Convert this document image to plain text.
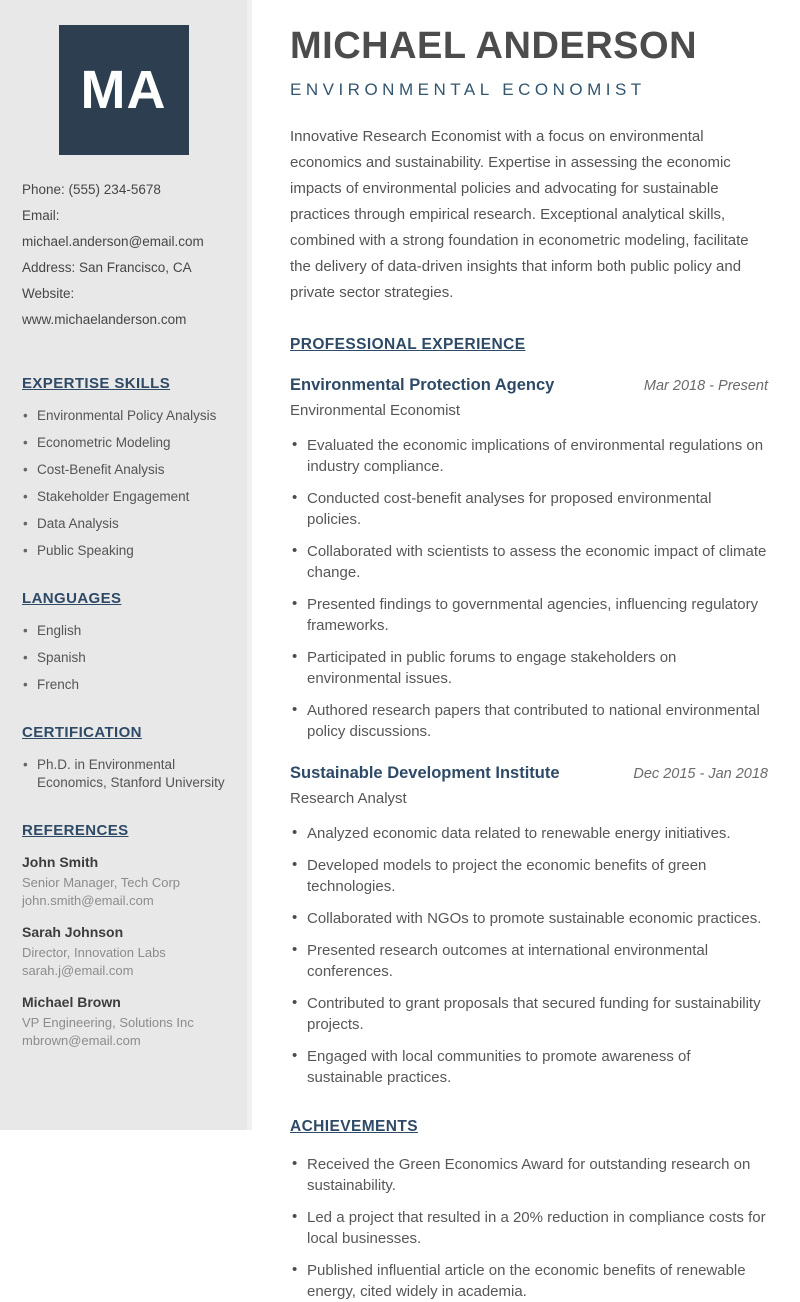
MA

Phone: (555) 234-5678

Email: michael.anderson@email.com

Address: San Francisco, CA

Website: www.michaelanderson.com

EXPERTISE SKILLS
• Environmental Policy Analysis
• Econometric Modeling
• Cost-Benefit Analysis
• Stakeholder Engagement
• Data Analysis
• Public Speaking
LANGUAGES
• English
• Spanish
• French
CERTIFICATION
• Ph.D. in Environmental Economics, Stanford University
REFERENCES
John Smith
Senior Manager, Tech Corp
john.smith@email.com
Sarah Johnson
Director, Innovation Labs
sarah.j@email.com
Michael Brown
VP Engineering, Solutions Inc
mbrown@email.com
MICHAEL ANDERSON
ENVIRONMENTAL ECONOMIST

Innovative Research Economist with a focus on environmental economics and sustainability. Expertise in assessing the economic impacts of environmental policies and advocating for sustainable practices through empirical research. Exceptional analytical skills, combined with a strong foundation in econometric modeling, facilitate the delivery of data-driven insights that inform both public policy and private sector strategies.

PROFESSIONAL EXPERIENCE
Environmental Protection Agency	Mar 2018 - Present
Environmental Economist
• Evaluated the economic implications of environmental regulations on industry compliance.
• Conducted cost-benefit analyses for proposed environmental policies.
• Collaborated with scientists to assess the economic impact of climate change.
• Presented findings to governmental agencies, influencing regulatory frameworks.
• Participated in public forums to engage stakeholders on environmental issues.
• Authored research papers that contributed to national environmental policy discussions.
Sustainable Development Institute	Dec 2015 - Jan 2018
Research Analyst
• Analyzed economic data related to renewable energy initiatives.
• Developed models to project the economic benefits of green technologies.
• Collaborated with NGOs to promote sustainable economic practices.
• Presented research outcomes at international environmental conferences.
• Contributed to grant proposals that secured funding for sustainability projects.
• Engaged with local communities to promote awareness of sustainable practices.
ACHIEVEMENTS
• Received the Green Economics Award for outstanding research on sustainability.
• Led a project that resulted in a 20% reduction in compliance costs for local businesses.
• Published influential article on the economic benefits of renewable energy, cited widely in academia.
